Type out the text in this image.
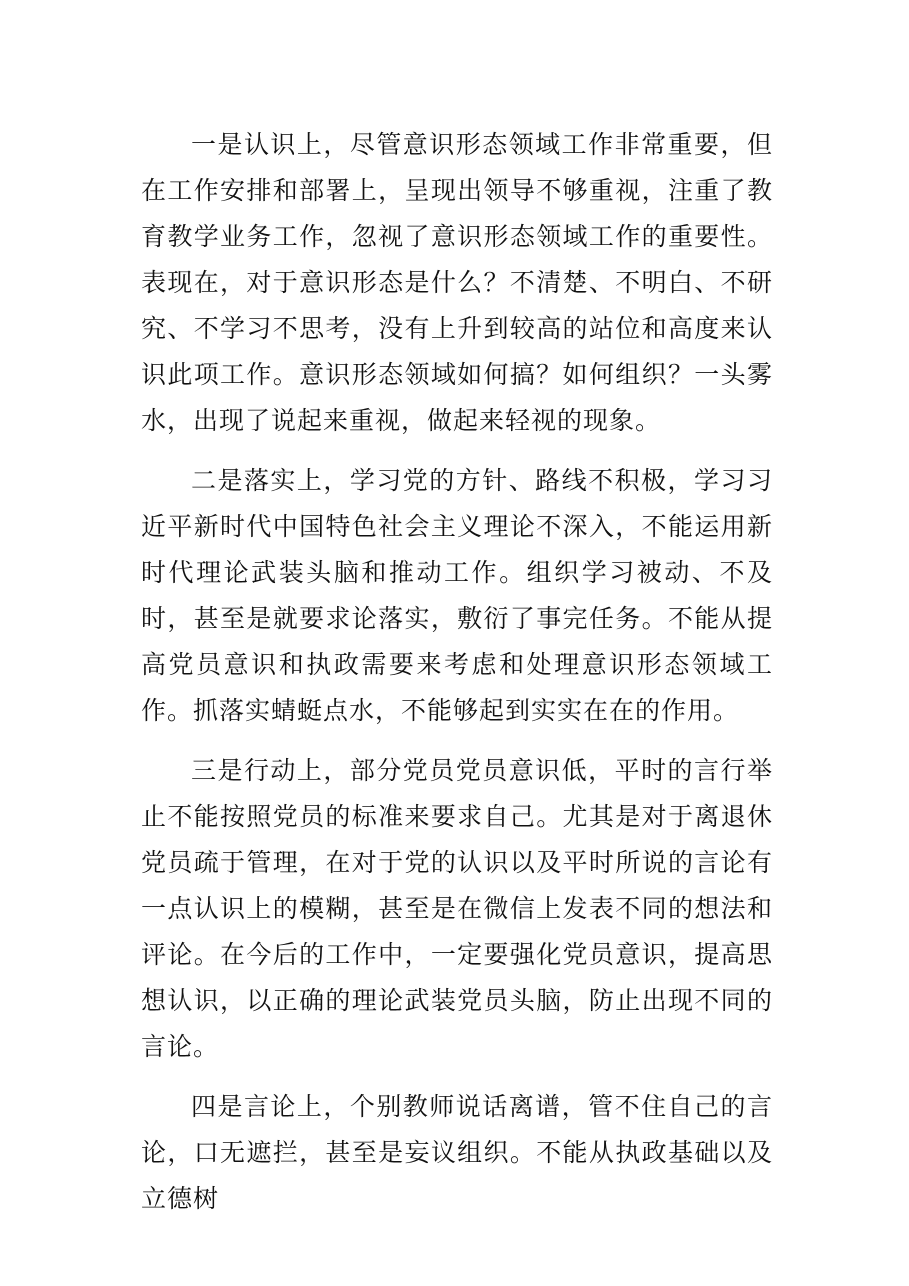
一是认识上，尽管意识形态领域工作非常重要，但在工作安排和部署上，呈现出领导不够重视，注重了教育教学业务工作，忽视了意识形态领域工作的重要性。表现在，对于意识形态是什么？不清楚、不明白、不研究、不学习不思考，没有上升到较高的站位和高度来认识此项工作。意识形态领域如何搞？如何组织？一头雾水，出现了说起来重视，做起来轻视的现象。

二是落实上，学习党的方针、路线不积极，学习习近平新时代中国特色社会主义理论不深入，不能运用新时代理论武装头脑和推动工作。组织学习被动、不及时，甚至是就要求论落实，敷衍了事完任务。不能从提高党员意识和执政需要来考虑和处理意识形态领域工作。抓落实蜻蜓点水，不能够起到实实在在的作用。

三是行动上，部分党员党员意识低，平时的言行举止不能按照党员的标准来要求自己。尤其是对于离退休党员疏于管理，在对于党的认识以及平时所说的言论有一点认识上的模糊，甚至是在微信上发表不同的想法和评论。在今后的工作中，一定要强化党员意识，提高思想认识，以正确的理论武装党员头脑，防止出现不同的言论。

四是言论上，个别教师说话离谱，管不住自己的言论，口无遮拦，甚至是妄议组织。不能从执政基础以及立德树
